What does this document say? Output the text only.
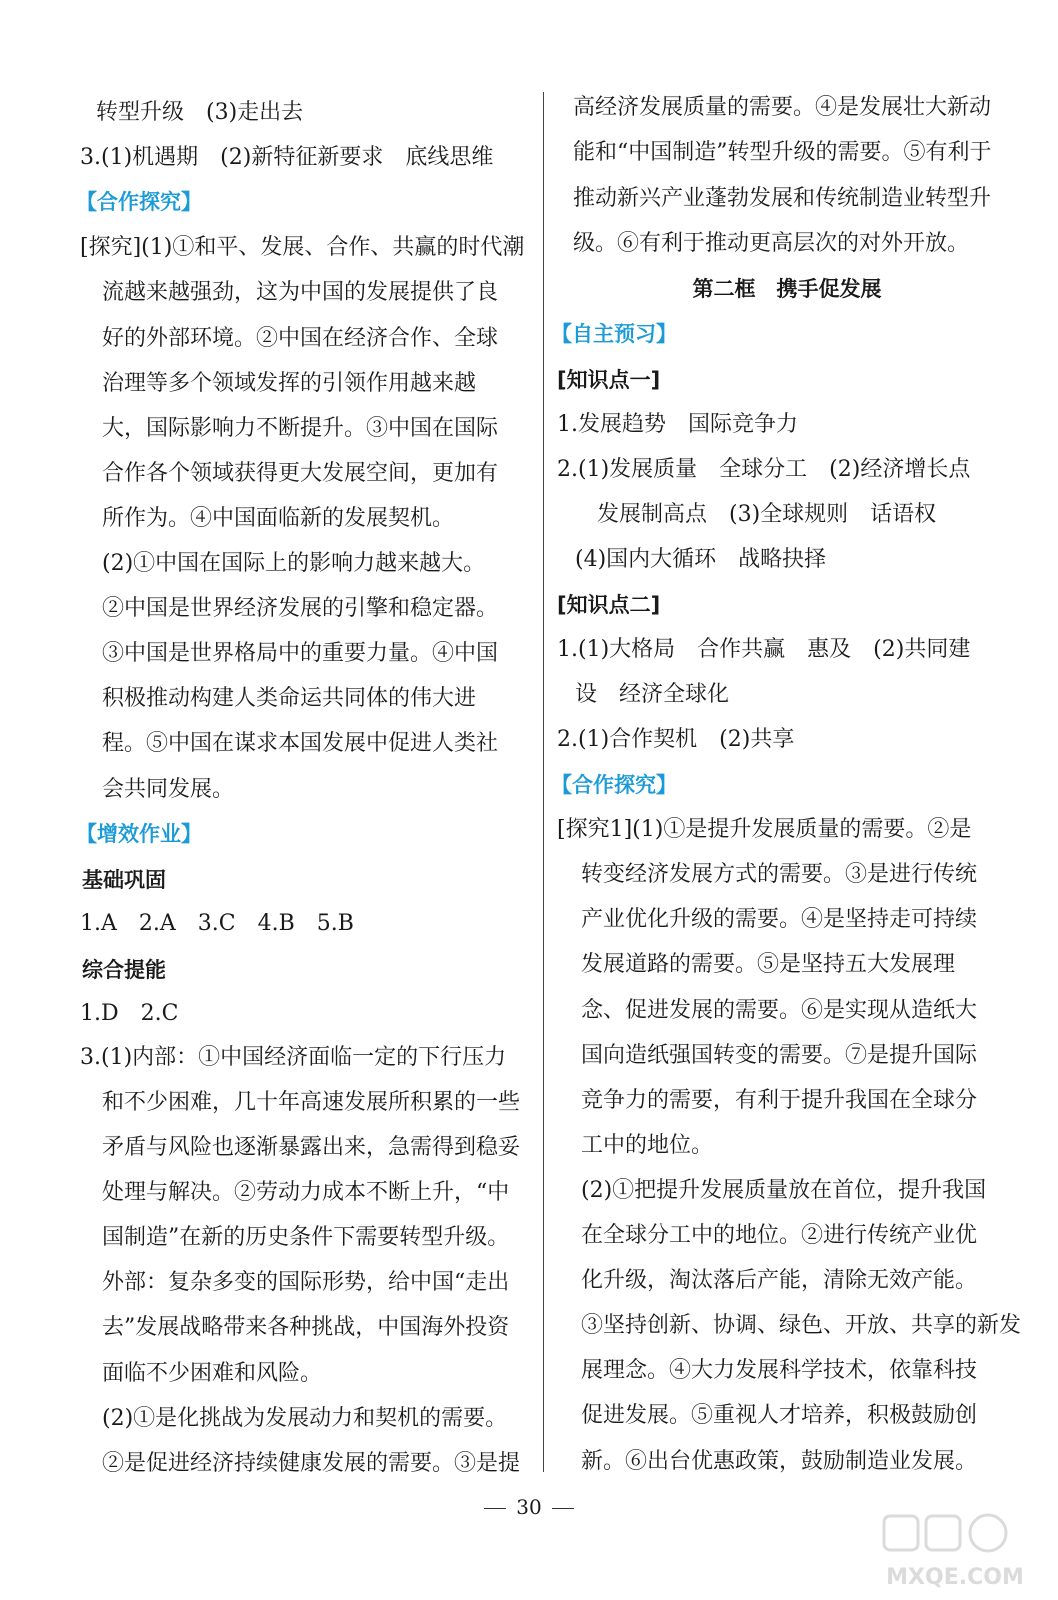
转型升级　(3)走出去
3.(1)机遇期　(2)新特征新要求　底线思维
【合作探究】
[探究](1)①和平、发展、合作、共赢的时代潮
流越来越强劲，这为中国的发展提供了良
好的外部环境。②中国在经济合作、全球
治理等多个领域发挥的引领作用越来越
大，国际影响力不断提升。③中国在国际
合作各个领域获得更大发展空间，更加有
所作为。④中国面临新的发展契机。
(2)①中国在国际上的影响力越来越大。
②中国是世界经济发展的引擎和稳定器。
③中国是世界格局中的重要力量。④中国
积极推动构建人类命运共同体的伟大进
程。⑤中国在谋求本国发展中促进人类社
会共同发展。
【增效作业】
基础巩固
1.A　2.A　3.C　4.B　5.B
综合提能
1.D　2.C
3.(1)内部：①中国经济面临一定的下行压力
和不少困难，几十年高速发展所积累的一些
矛盾与风险也逐渐暴露出来，急需得到稳妥
处理与解决。②劳动力成本不断上升，“中
国制造”在新的历史条件下需要转型升级。
外部：复杂多变的国际形势，给中国“走出
去”发展战略带来各种挑战，中国海外投资
面临不少困难和风险。
(2)①是化挑战为发展动力和契机的需要。
②是促进经济持续健康发展的需要。③是提
高经济发展质量的需要。④是发展壮大新动
能和“中国制造”转型升级的需要。⑤有利于
推动新兴产业蓬勃发展和传统制造业转型升
级。⑥有利于推动更高层次的对外开放。
第二框　携手促发展
【自主预习】
[知识点一]
1.发展趋势　国际竞争力
2.(1)发展质量　全球分工　(2)经济增长点
发展制高点　(3)全球规则　话语权
(4)国内大循环　战略抉择
[知识点二]
1.(1)大格局　合作共赢　惠及　(2)共同建
设　经济全球化
2.(1)合作契机　(2)共享
【合作探究】
[探究1](1)①是提升发展质量的需要。②是
转变经济发展方式的需要。③是进行传统
产业优化升级的需要。④是坚持走可持续
发展道路的需要。⑤是坚持五大发展理
念、促进发展的需要。⑥是实现从造纸大
国向造纸强国转变的需要。⑦是提升国际
竞争力的需要，有利于提升我国在全球分
工中的地位。
(2)①把提升发展质量放在首位，提升我国
在全球分工中的地位。②进行传统产业优
化升级，淘汰落后产能，清除无效产能。
③坚持创新、协调、绿色、开放、共享的新发
展理念。④大力发展科学技术，依靠科技
促进发展。⑤重视人才培养，积极鼓励创
新。⑥出台优惠政策，鼓励制造业发展。
30
MXQE.COM
